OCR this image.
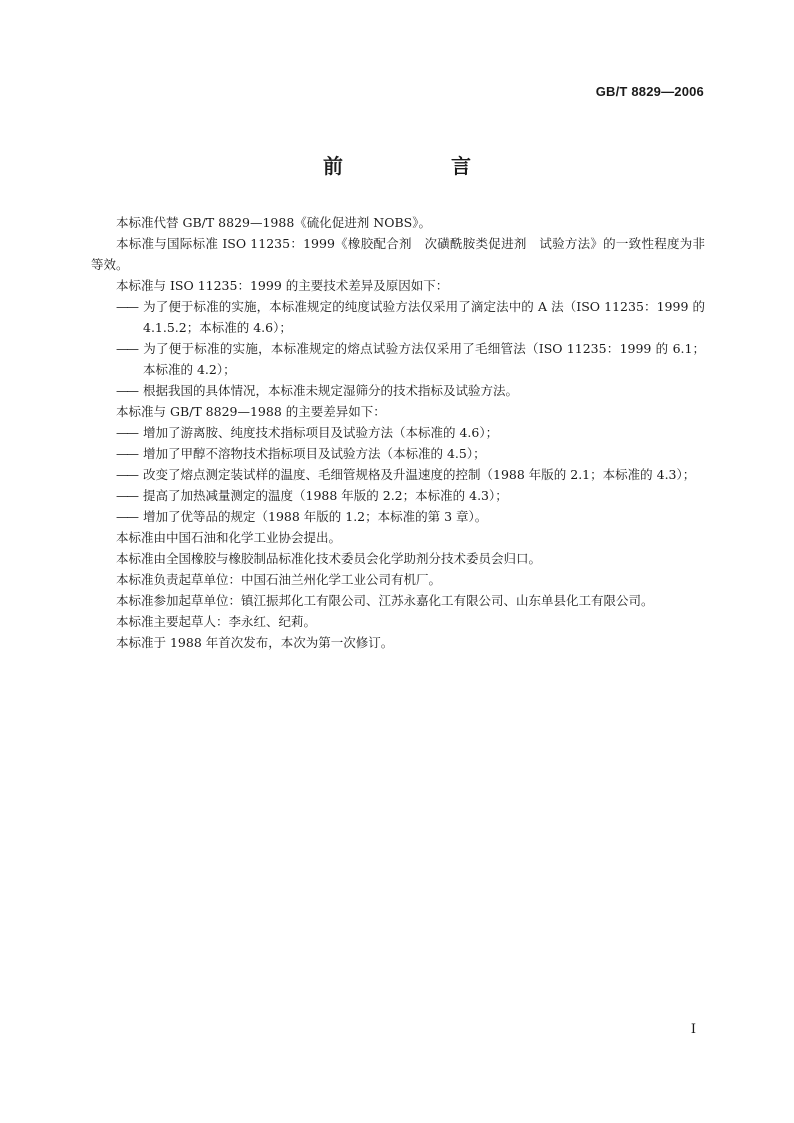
GB/T 8829—2006
前　言

本标准代替 GB/T 8829—1988《硫化促进剂 NOBS》。

本标准与国际标准 ISO 11235：1999《橡胶配合剂　次磺酰胺类促进剂　试验方法》的一致性程度为非等效。

本标准与 ISO 11235：1999 的主要技术差异及原因如下：

—— 为了便于标准的实施，本标准规定的纯度试验方法仅采用了滴定法中的 A 法（ISO 11235：1999 的 4.1.5.2；本标准的 4.6）；

—— 为了便于标准的实施，本标准规定的熔点试验方法仅采用了毛细管法（ISO 11235：1999 的 6.1；本标准的 4.2）；

—— 根据我国的具体情况，本标准未规定湿筛分的技术指标及试验方法。

本标准与 GB/T 8829—1988 的主要差异如下：

—— 增加了游离胺、纯度技术指标项目及试验方法（本标准的 4.6）；

—— 增加了甲醇不溶物技术指标项目及试验方法（本标准的 4.5）；

—— 改变了熔点测定装试样的温度、毛细管规格及升温速度的控制（1988 年版的 2.1；本标准的 4.3）；

—— 提高了加热减量测定的温度（1988 年版的 2.2；本标准的 4.3）；

—— 增加了优等品的规定（1988 年版的 1.2；本标准的第 3 章）。

本标准由中国石油和化学工业协会提出。

本标准由全国橡胶与橡胶制品标准化技术委员会化学助剂分技术委员会归口。

本标准负责起草单位：中国石油兰州化学工业公司有机厂。

本标准参加起草单位：镇江振邦化工有限公司、江苏永嘉化工有限公司、山东单县化工有限公司。

本标准主要起草人：李永红、纪莉。

本标准于 1988 年首次发布，本次为第一次修订。

I
